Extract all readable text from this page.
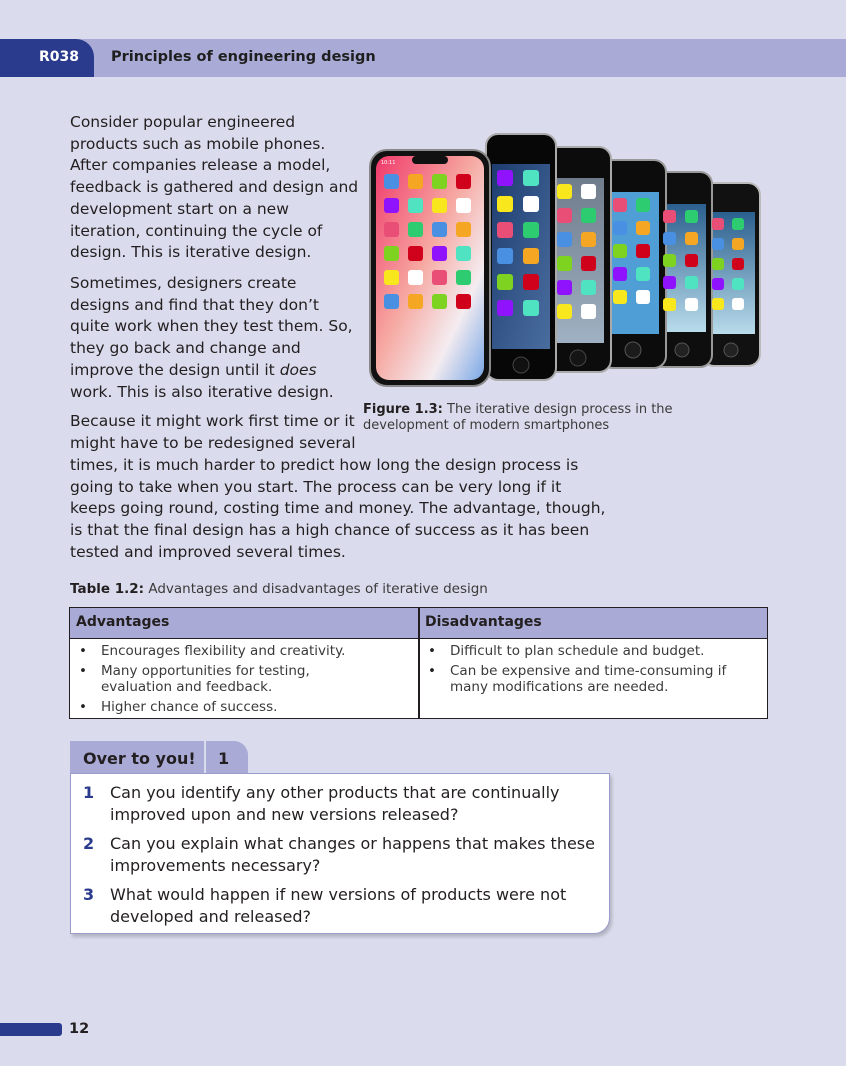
R038 Principles of engineering design

Consider popular engineered products such as mobile phones. After companies release a model, feedback is gathered and design and development start on a new iteration, continuing the cycle of design. This is iterative design.

Sometimes, designers create designs and find that they don’t quite work when they test them. So, they go back and change and improve the design until it does work. This is also iterative design.

Because it might work first time or it might have to be redesigned several

times, it is much harder to predict how long the design process is going to take when you start. The process can be very long if it keeps going round, costing time and money. The advantage, though, is that the final design has a high chance of success as it has been tested and improved several times.

10:11
Figure 1.3: The iterative design process in the development of modern smartphones
Table 1.2: Advantages and disadvantages of iterative design
Advantages	Disadvantages
• Encourages flexibility and creativity.
• Many opportunities for testing, evaluation and feedback.
• Higher chance of success.
• Difficult to plan schedule and budget.
• Can be expensive and time-consuming if many modifications are needed.
Over to you! 1
1 Can you identify any other products that are continually improved upon and new versions released?
2 Can you explain what changes or happens that makes these improvements necessary?
3 What would happen if new versions of products were not developed and released?
12
